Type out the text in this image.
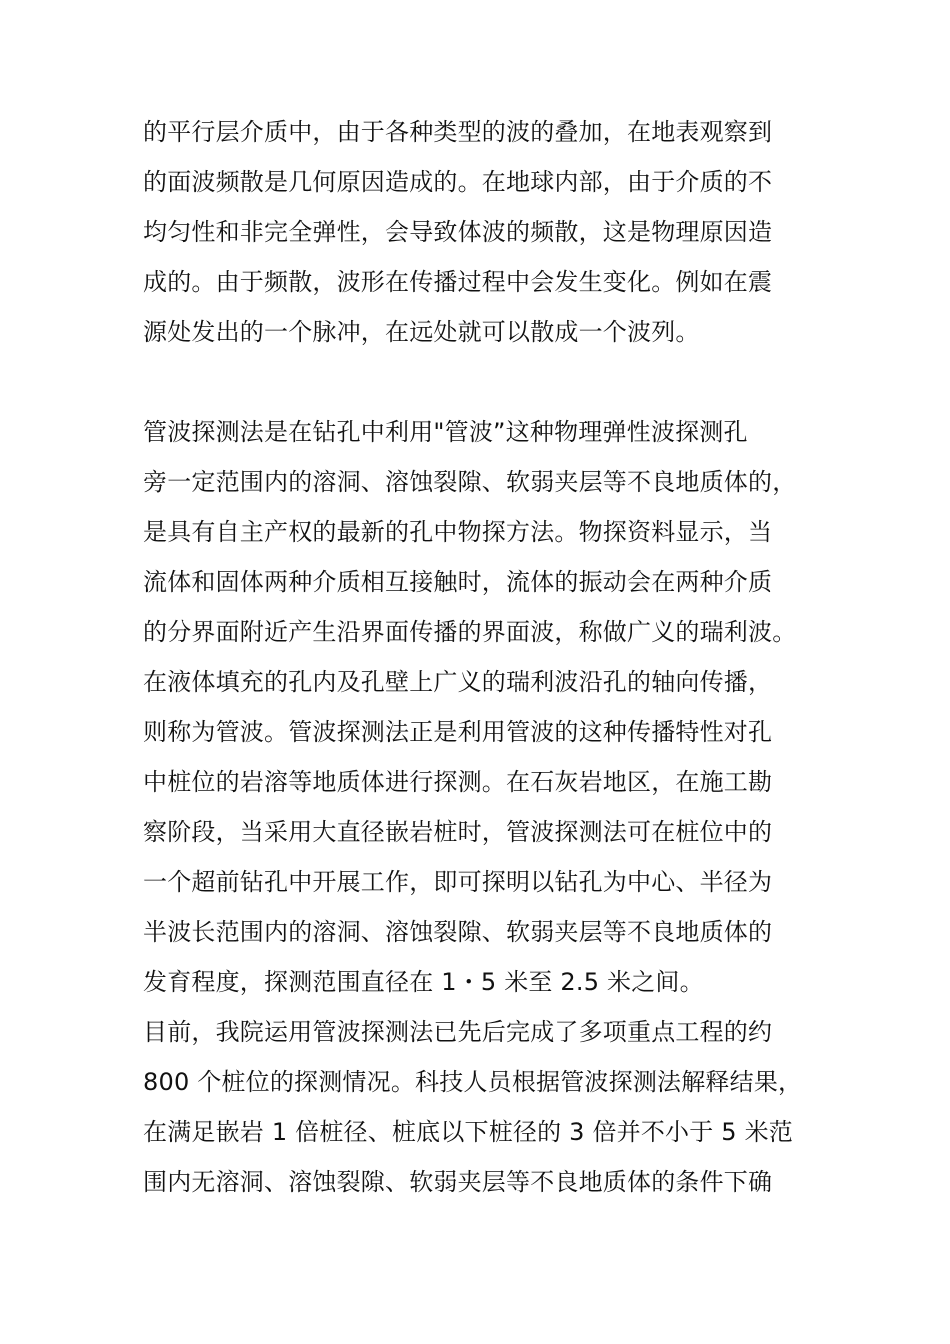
的平行层介质中，由于各种类型的波的叠加，在地表观察到
的面波频散是几何原因造成的。在地球内部，由于介质的不
均匀性和非完全弹性，会导致体波的频散，这是物理原因造
成的。由于频散，波形在传播过程中会发生变化。例如在震
源处发出的一个脉冲，在远处就可以散成一个波列。
管波探测法是在钻孔中利用"管波”这种物理弹性波探测孔
旁一定范围内的溶洞、溶蚀裂隙、软弱夹层等不良地质体的，
是具有自主产权的最新的孔中物探方法。物探资料显示，当
流体和固体两种介质相互接触时，流体的振动会在两种介质
的分界面附近产生沿界面传播的界面波，称做广义的瑞利波。
在液体填充的孔内及孔壁上广义的瑞利波沿孔的轴向传播，
则称为管波。管波探测法正是利用管波的这种传播特性对孔
中桩位的岩溶等地质体进行探测。在石灰岩地区，在施工勘
察阶段，当采用大直径嵌岩桩时，管波探测法可在桩位中的
一个超前钻孔中开展工作，即可探明以钻孔为中心、半径为
半波长范围内的溶洞、溶蚀裂隙、软弱夹层等不良地质体的
发育程度，探测范围直径在 1・5 米至 2.5 米之间。
目前，我院运用管波探测法已先后完成了多项重点工程的约
800 个桩位的探测情况。科技人员根据管波探测法解释结果，
在满足嵌岩 1 倍桩径、桩底以下桩径的 3 倍并不小于 5 米范
围内无溶洞、溶蚀裂隙、软弱夹层等不良地质体的条件下确
